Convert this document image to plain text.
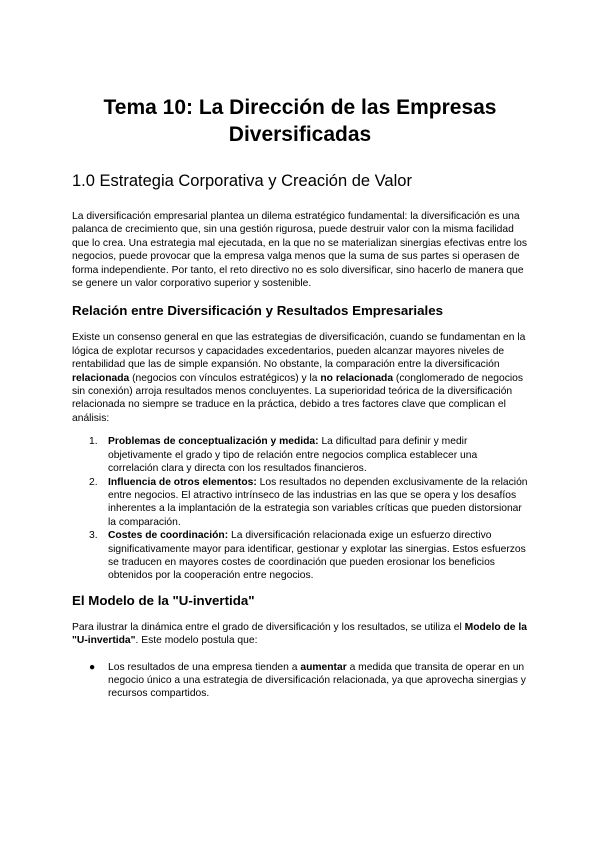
Tema 10: La Dirección de las Empresas Diversificadas
1.0 Estrategia Corporativa y Creación de Valor

La diversificación empresarial plantea un dilema estratégico fundamental: la diversificación es una palanca de crecimiento que, sin una gestión rigurosa, puede destruir valor con la misma facilidad que lo crea. Una estrategia mal ejecutada, en la que no se materializan sinergias efectivas entre los negocios, puede provocar que la empresa valga menos que la suma de sus partes si operasen de forma independiente. Por tanto, el reto directivo no es solo diversificar, sino hacerlo de manera que se genere un valor corporativo superior y sostenible.

Relación entre Diversificación y Resultados Empresariales

Existe un consenso general en que las estrategias de diversificación, cuando se fundamentan en la lógica de explotar recursos y capacidades excedentarios, pueden alcanzar mayores niveles de rentabilidad que las de simple expansión. No obstante, la comparación entre la diversificación relacionada (negocios con vínculos estratégicos) y la no relacionada (conglomerado de negocios sin conexión) arroja resultados menos concluyentes. La superioridad teórica de la diversificación relacionada no siempre se traduce en la práctica, debido a tres factores clave que complican el análisis:

1. Problemas de conceptualización y medida: La dificultad para definir y medir objetivamente el grado y tipo de relación entre negocios complica establecer una correlación clara y directa con los resultados financieros.
2. Influencia de otros elementos: Los resultados no dependen exclusivamente de la relación entre negocios. El atractivo intrínseco de las industrias en las que se opera y los desafíos inherentes a la implantación de la estrategia son variables críticas que pueden distorsionar la comparación.
3. Costes de coordinación: La diversificación relacionada exige un esfuerzo directivo significativamente mayor para identificar, gestionar y explotar las sinergias. Estos esfuerzos se traducen en mayores costes de coordinación que pueden erosionar los beneficios obtenidos por la cooperación entre negocios.
El Modelo de la "U-invertida"

Para ilustrar la dinámica entre el grado de diversificación y los resultados, se utiliza el Modelo de la "U-invertida". Este modelo postula que:

● Los resultados de una empresa tienden a aumentar a medida que transita de operar en un negocio único a una estrategia de diversificación relacionada, ya que aprovecha sinergias y recursos compartidos.
